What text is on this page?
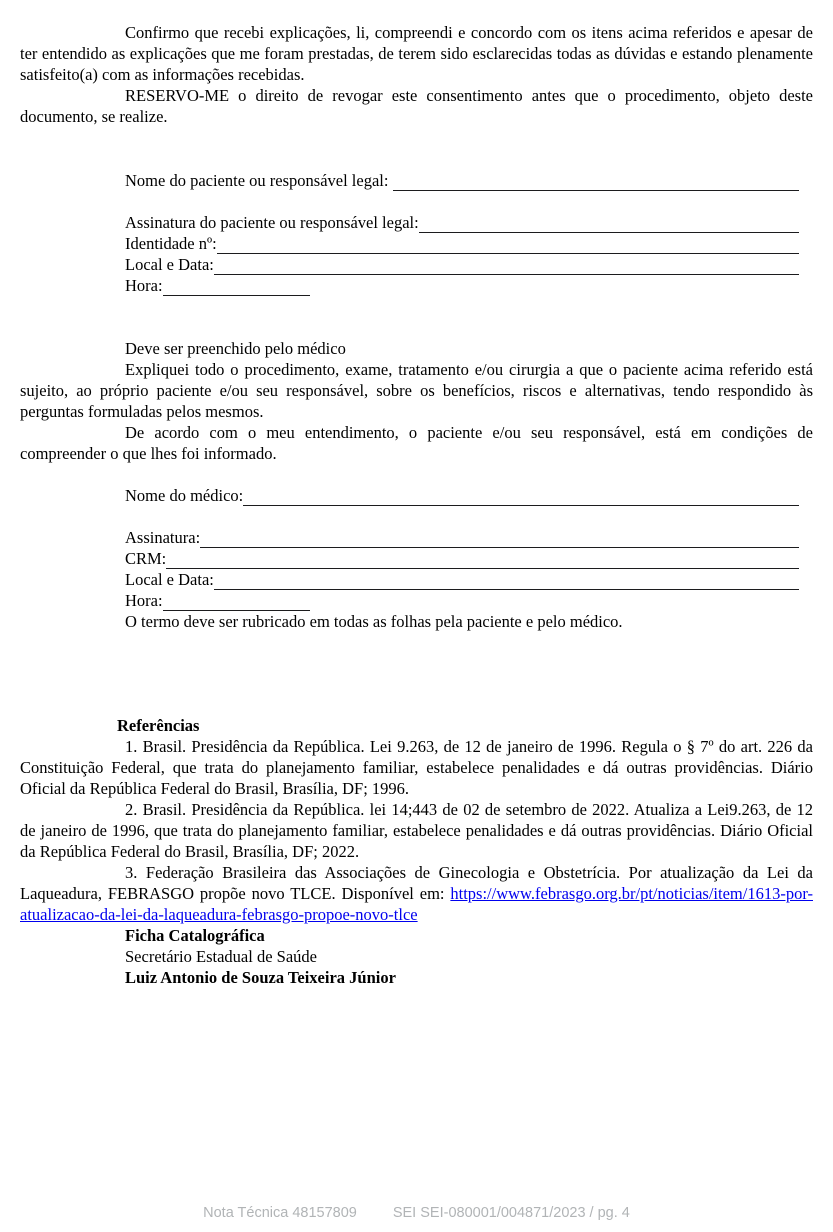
Confirmo que recebi explicações, li, compreendi e concordo com os itens acima referidos e apesar de ter entendido as explicações que me foram prestadas, de terem sido esclarecidas todas as dúvidas e estando plenamente satisfeito(a) com as informações recebidas.

RESERVO-ME o direito de revogar este consentimento antes que o procedimento, objeto deste documento, se realize.

Nome do paciente ou responsável legal:
Assinatura do paciente ou responsável legal:
Identidade nº:
Local e Data:
Hora:
Deve ser preenchido pelo médico

Expliquei todo o procedimento, exame, tratamento e/ou cirurgia a que o paciente acima referido está sujeito, ao próprio paciente e/ou seu responsável, sobre os benefícios, riscos e alternativas, tendo respondido às perguntas formuladas pelos mesmos.

De acordo com o meu entendimento, o paciente e/ou seu responsável, está em condições de compreender o que lhes foi informado.

Nome do médico:
Assinatura:
CRM:
Local e Data:
Hora:

O termo deve ser rubricado em todas as folhas pela paciente e pelo médico.

Referências

1. Brasil. Presidência da República. Lei 9.263, de 12 de janeiro de 1996. Regula o § 7º do art. 226 da Constituição Federal, que trata do planejamento familiar, estabelece penalidades e dá outras providências. Diário Oficial da República Federal do Brasil, Brasília, DF; 1996.

2. Brasil. Presidência da República. lei 14;443 de 02 de setembro de 2022. Atualiza a Lei9.263, de 12 de janeiro de 1996, que trata do planejamento familiar, estabelece penalidades e dá outras providências. Diário Oficial da República Federal do Brasil, Brasília, DF; 2022.

3. Federação Brasileira das Associações de Ginecologia e Obstetrícia. Por atualização da Lei da Laqueadura, FEBRASGO propõe novo TLCE. Disponível em: https://www.febrasgo.org.br/pt/noticias/item/1613-por-atualizacao-da-lei-da-laqueadura-febrasgo-propoe-novo-tlce

Ficha Catalográfica
Secretário Estadual de Saúde
Luiz Antonio de Souza Teixeira Júnior
Nota Técnica 48157809 SEI SEI-080001/004871/2023 / pg. 4
